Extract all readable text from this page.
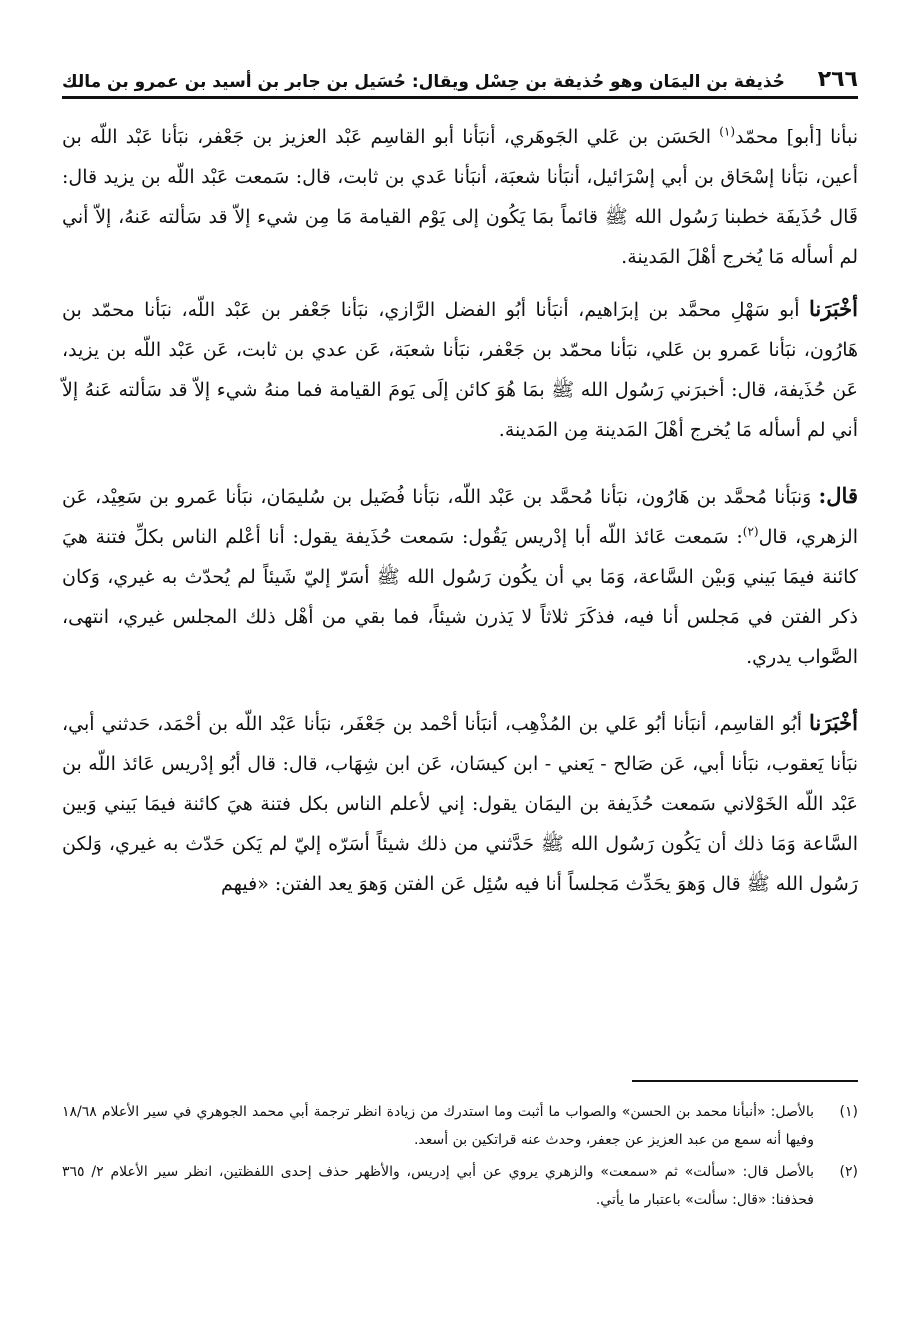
٢٦٦
حُذيفة بن اليمَان وهو حُذيفة بن حِسْل ويقال: حُسَيل بن جابر بن أسيد بن عمرو بن مالك

نبأنا [أبو] محمّد$^{(١)}$ الحَسَن بن عَلي الجَوهَري، أنبَأنا أبو القاسِم عَبْد العزيز بن جَعْفر، نبَأنا عَبْد اللّه بن أعين، نبَأنا إسْحَاق بن أبي إسْرَائيل، أنبَأنا شعبَة، أنبَأنا عَدي بن ثابت، قال: سَمعت عَبْد اللّه بن يزيد قال: قَال حُذَيفَة خطبنا رَسُول الله ﷺ قائماً بمَا يَكُون إلى يَوْم القيامة مَا مِن شيء إلاّ قد سَألته عَنهُ، إلاّ أني لم أسأله مَا يُخرج أهْلَ المَدينة.

أخْبَرَنا أبو سَهْلِ محمَّد بن إبرَاهيم، أنبَأنا أبُو الفضل الرَّازي، نبَأنا جَعْفر بن عَبْد اللّه، نبَأنا محمّد بن هَارُون، نبَأنا عَمرو بن عَلي، نبَأنا محمّد بن جَعْفر، نبَأنا شعبَة، عَن عدي بن ثابت، عَن عَبْد اللّه بن يزيد، عَن حُذَيفة، قال: أخبرَني رَسُول الله ﷺ بمَا هُوَ كائن إلَى يَومَ القيامة فما منهُ شيء إلاّ قد سَألته عَنهُ إلاّ أني لم أسأله مَا يُخرج أهْلَ المَدينة مِن المَدينة.

قال: وَنبَأنا مُحمَّد بن هَارُون، نبَأنا مُحمَّد بن عَبْد اللّه، نبَأنا فُضَيل بن سُليمَان، نبَأنا عَمرو بن سَعِيْد، عَن الزهري، قال$^{(٢)}$: سَمعت عَائذ اللّه أبا إدْريس يَقُول: سَمعت حُذَيفة يقول: أنا أعْلم الناس بكلِّ فتنة هيَ كائنة فيمَا بَيني وَبيْن السَّاعة، وَمَا بي أن يكُون رَسُول الله ﷺ أسَرّ إليّ شَيئاً لم يُحدّث به غيري، وَكان ذكر الفتن في مَجلس أنا فيه، فذكَرَ ثلاثاً لا يَذرن شيئاً، فما بقي من أهْل ذلك المجلس غيري، انتهى، الصَّواب يدري.

أخْبَرَنا أبُو القاسِم، أنبَأنا أبُو عَلي بن المُذْهِب، أنبَأنا أحْمد بن جَعْفَر، نبَأنا عَبْد اللّه بن أحْمَد، حَدثني أبي، نبَأنا يَعقوب، نبَأنا أبي، عَن صَالح - يَعني - ابن كيسَان، عَن ابن شِهَاب، قال: قال أبُو إدْريس عَائذ اللّه بن عَبْد اللّه الخَوْلاني سَمعت حُذَيفة بن اليمَان يقول: إني لأعلم الناس بكل فتنة هيَ كائنة فيمَا بَيني وَبين السَّاعة وَمَا ذلك أن يَكُون رَسُول الله ﷺ حَدَّثني من ذلك شيئاً أسَرّه إليّ لم يَكن حَدّث به غيري، وَلكن رَسُول الله ﷺ قال وَهوَ يحَدِّث مَجلساً أنا فيه سُئِل عَن الفتن وَهوَ يعد الفتن: «فيهم

(١)
بالأصل: «أنبأنا محمد بن الحسن» والصواب ما أثبت وما استدرك من زيادة انظر ترجمة أبي محمد الجوهري في سير الأعلام ١٨/٦٨ وفيها أنه سمع من عبد العزيز عن جعفر، وحدث عنه قراتكين بن أسعد.
(٢)
بالأصل قال: «سألت» ثم «سمعت» والزهري يروي عن أبي إدريس، والأظهر حذف إحدى اللفظتين، انظر سير الأعلام ٢/ ٣٦٥ فحذفنا: «قال: سألت» باعتبار ما يأتي.
